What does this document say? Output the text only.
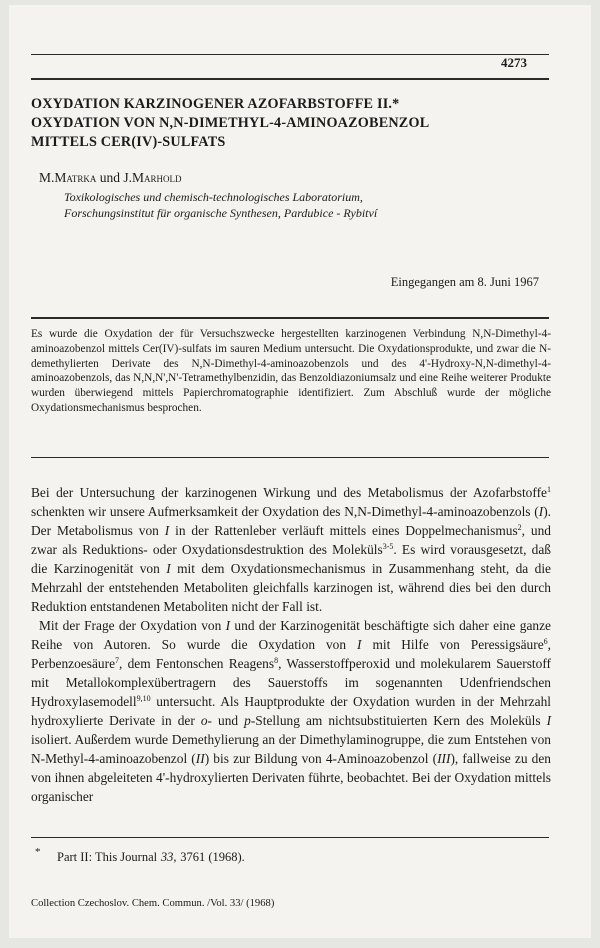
4273
OXYDATION KARZINOGENER AZOFARBSTOFFE II.*
OXYDATION VON N,N-DIMETHYL-4-AMINOAZOBENZOL
MITTELS CER(IV)-SULFATS
M.Matrka und J.Marhold
Toxikologisches und chemisch-technologisches Laboratorium,
Forschungsinstitut für organische Synthesen, Pardubice - Rybitví
Eingegangen am 8. Juni 1967
Es wurde die Oxydation der für Versuchszwecke hergestellten karzinogenen Verbindung N,N-Dimethyl-4-aminoazobenzol mittels Cer(IV)-sulfats im sauren Medium untersucht. Die Oxydationsprodukte, und zwar die N-demethylierten Derivate des N,N-Dimethyl-4-aminoazobenzols und des 4'-Hydroxy-N,N-dimethyl-4-aminoazobenzols, das N,N,N',N'-Tetramethylbenzidin, das Benzoldiazoniumsalz und eine Reihe weiterer Produkte wurden überwiegend mittels Papierchromatographie identifiziert. Zum Abschluß wurde der mögliche Oxydationsmechanismus besprochen.

Bei der Untersuchung der karzinogenen Wirkung und des Metabolismus der Azofarbstoffe$^1$ schenkten wir unsere Aufmerksamkeit der Oxydation des N,N-Dimethyl-4-aminoazobenzols (I). Der Metabolismus von I in der Rattenleber verläuft mittels eines Doppelmechanismus$^2$, und zwar als Reduktions- oder Oxydationsdestruktion des Moleküls$^{3-5}$. Es wird vorausgesetzt, daß die Karzinogenität von I mit dem Oxydationsmechanismus in Zusammenhang steht, da die Mehrzahl der entstehenden Metaboliten gleichfalls karzinogen ist, während dies bei den durch Reduktion entstandenen Metaboliten nicht der Fall ist.

Mit der Frage der Oxydation von I und der Karzinogenität beschäftigte sich daher eine ganze Reihe von Autoren. So wurde die Oxydation von I mit Hilfe von Peressigsäure$^6$, Perbenzoesäure$^7$, dem Fentonschen Reagens$^8$, Wasserstoffperoxid und molekularem Sauerstoff mit Metallokomplexübertragern des Sauerstoffs im sogenannten Udenfriendschen Hydroxylasemodell$^{9,10}$ untersucht. Als Hauptprodukte der Oxydation wurden in der Mehrzahl hydroxylierte Derivate in der o- und p-Stellung am nichtsubstituierten Kern des Moleküls I isoliert. Außerdem wurde Demethylierung an der Dimethylaminogruppe, die zum Entstehen von N-Methyl-4-aminoazobenzol (II) bis zur Bildung von 4-Aminoazobenzol (III), fallweise zu den von ihnen abgeleiteten 4'-hydroxylierten Derivaten führte, beobachtet. Bei der Oxydation mittels organischer

* Part II: This Journal 33, 3761 (1968).
Collection Czechoslov. Chem. Commun. /Vol. 33/ (1968)
